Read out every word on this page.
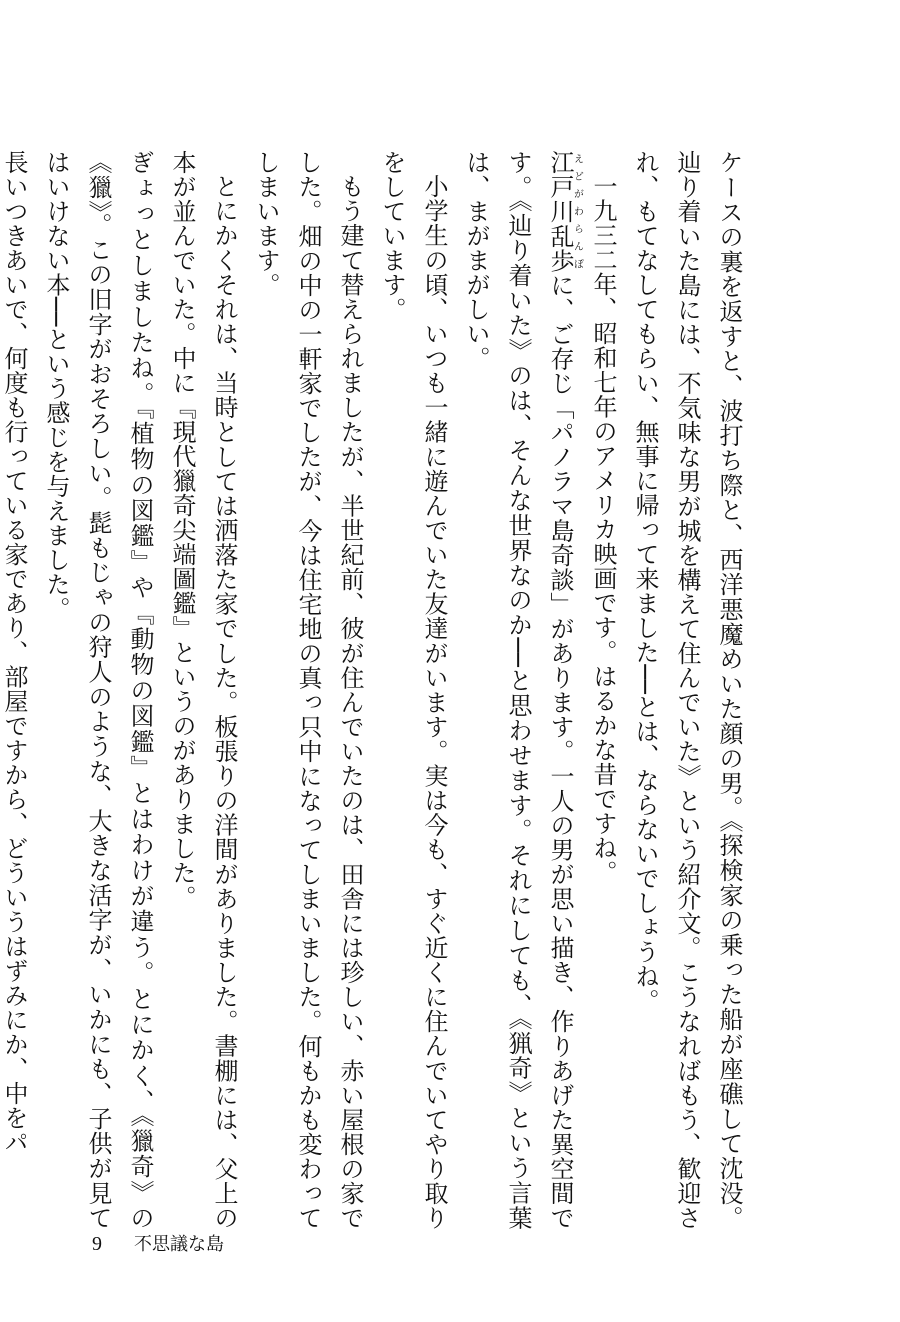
ケースの裏を返すと、波打ち際と、西洋悪魔めいた顔の男。《探検家の乗った船が座礁して沈没。辿り着いた島には、不気味な男が城を構えて住んでいた》という紹介文。こうなればもう、歓迎され、もてなしてもらい、無事に帰って来ました──とは、ならないでしょうね。

一九三二年、昭和七年のアメリカ映画です。はるかな昔ですね。

江戸川乱歩えどがわらんぽに、ご存じ「パノラマ島奇談」があります。一人の男が思い描き、作りあげた異空間です。《辿り着いた》のは、そんな世界なのか──と思わせます。それにしても、《猟奇》という言葉は、まがまがしい。

小学生の頃、いつも一緒に遊んでいた友達がいます。実は今も、すぐ近くに住んでいてやり取りをしています。

もう建て替えられましたが、半世紀前、彼が住んでいたのは、田舎には珍しい、赤い屋根の家でした。畑の中の一軒家でしたが、今は住宅地の真っ只中になってしまいました。何もかも変わってしまいます。

とにかくそれは、当時としては洒落た家でした。板張りの洋間がありました。書棚には、父上の本が並んでいた。中に『現代獵奇尖端圖鑑』というのがありました。

ぎょっとしましたね。『植物の図鑑』や『動物の図鑑』とはわけが違う。とにかく、《獵奇》の《獵》。この旧字がおそろしい。髭もじゃの狩人のような、大きな活字が、いかにも、子供が見てはいけない本──という感じを与えました。

長いつきあいで、何度も行っている家であり、部屋ですから、どういうはずみにか、中をパ

9 不思議な島
